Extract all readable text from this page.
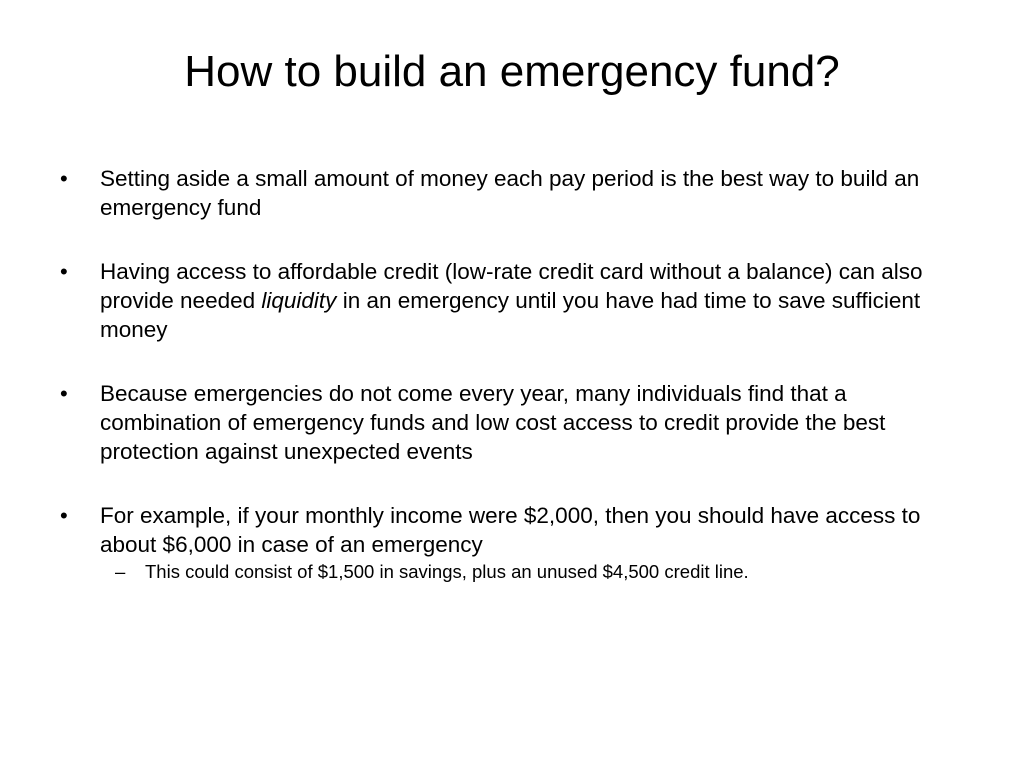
How to build an emergency fund?
•	Setting aside a small amount of money each pay period is the best way to build an emergency fund
•	Having access to affordable credit (low-rate credit card without a balance) can also provide needed liquidity in an emergency until you have had time to save sufficient money
•	Because emergencies do not come every year, many individuals find that a combination of emergency funds and low cost access to credit provide the best protection against unexpected events
•	For example, if your monthly income were $2,000, then you should have access to about $6,000 in case of an emergency
– This could consist of $1,500 in savings, plus an unused $4,500 credit line.
